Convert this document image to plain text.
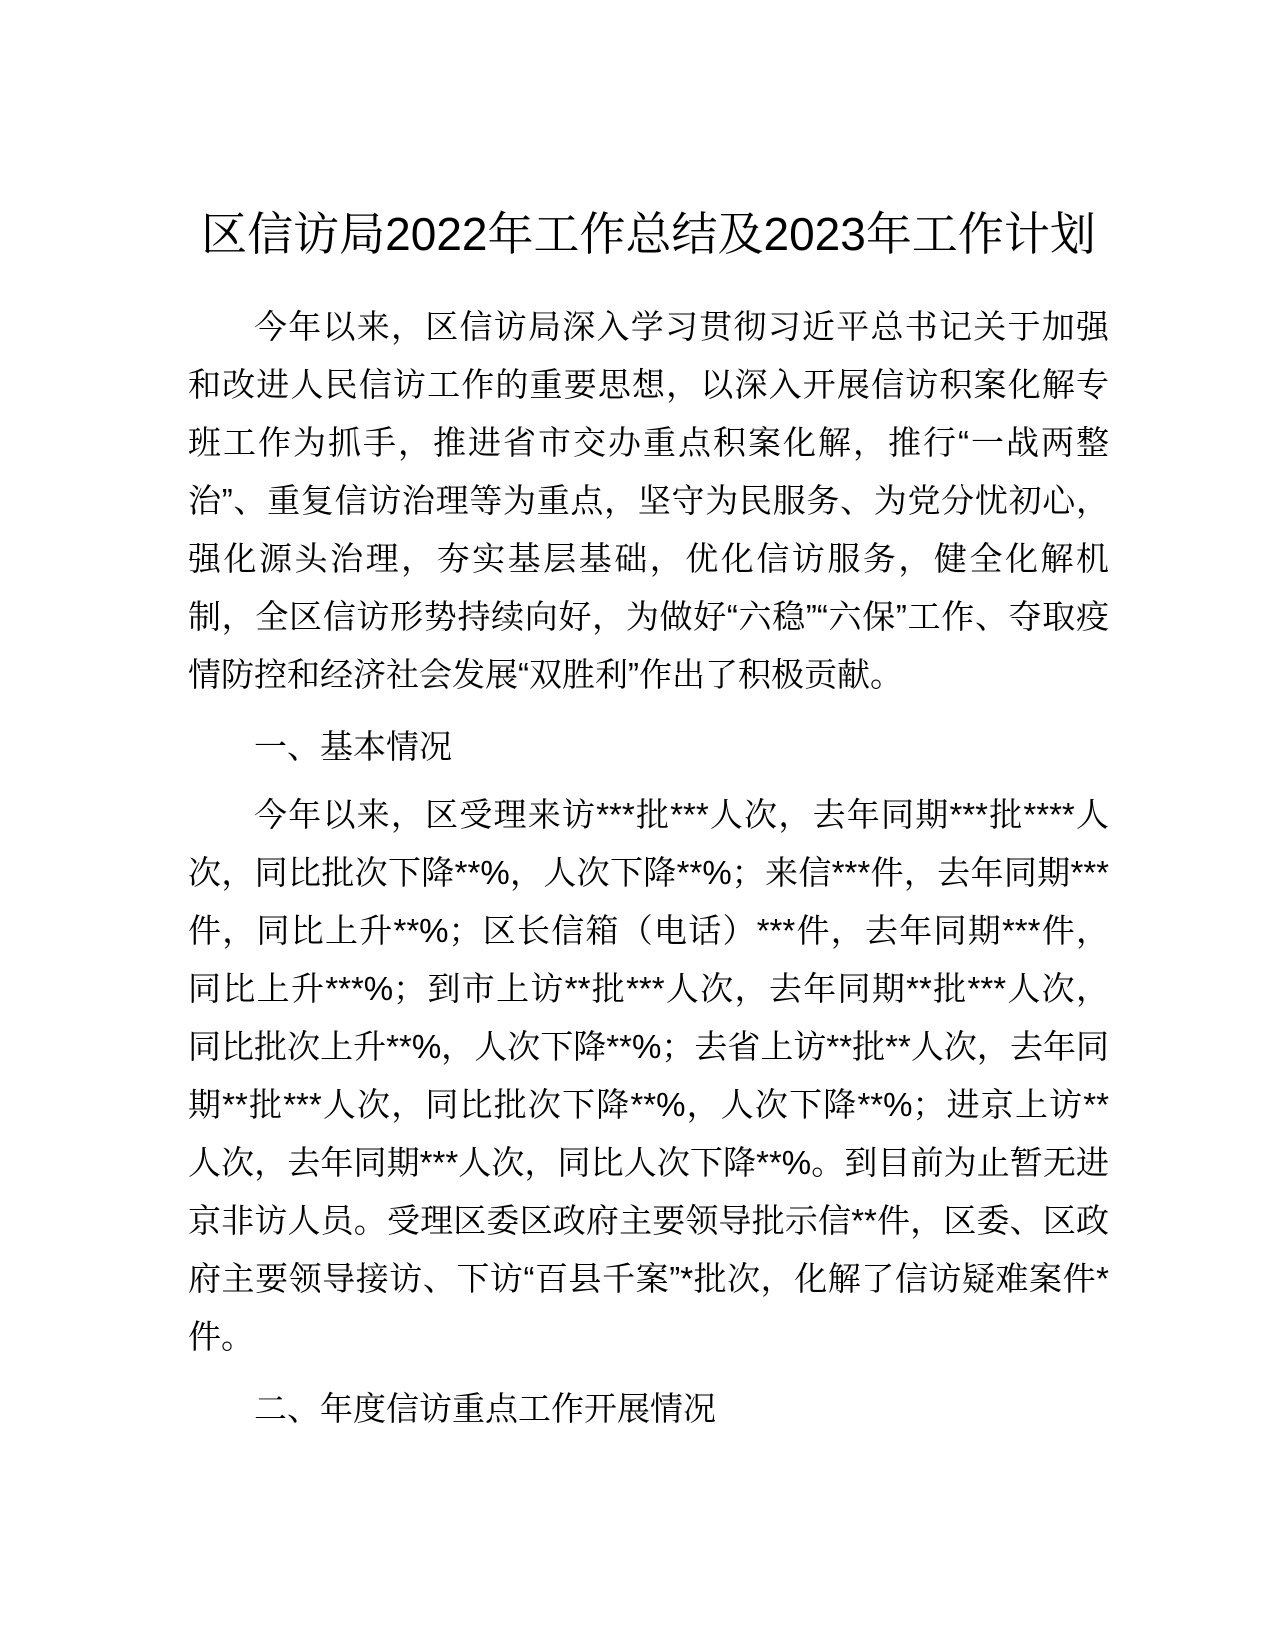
区信访局2022年工作总结及2023年工作计划

今年以来，区信访局深入学习贯彻习近平总书记关于加强和改进人民信访工作的重要思想，以深入开展信访积案化解专班工作为抓手，推进省市交办重点积案化解，推行“一战两整治”、重复信访治理等为重点，坚守为民服务、为党分忧初心，强化源头治理，夯实基层基础，优化信访服务，健全化解机制，全区信访形势持续向好，为做好“六稳”“六保”工作、夺取疫情防控和经济社会发展“双胜利”作出了积极贡献。

一、基本情况

今年以来，区受理来访***批***人次，去年同期***批****人次，同比批次下降**%，人次下降**%；来信***件，去年同期***件，同比上升**%；区长信箱（电话）***件，去年同期***件，同比上升***%；到市上访**批***人次，去年同期**批***人次，同比批次上升**%，人次下降**%；去省上访**批**人次，去年同期**批***人次，同比批次下降**%，人次下降**%；进京上访**人次，去年同期***人次，同比人次下降**%。到目前为止暂无进京非访人员。受理区委区政府主要领导批示信**件，区委、区政府主要领导接访、下访“百县千案”*批次，化解了信访疑难案件*件。

二、年度信访重点工作开展情况
